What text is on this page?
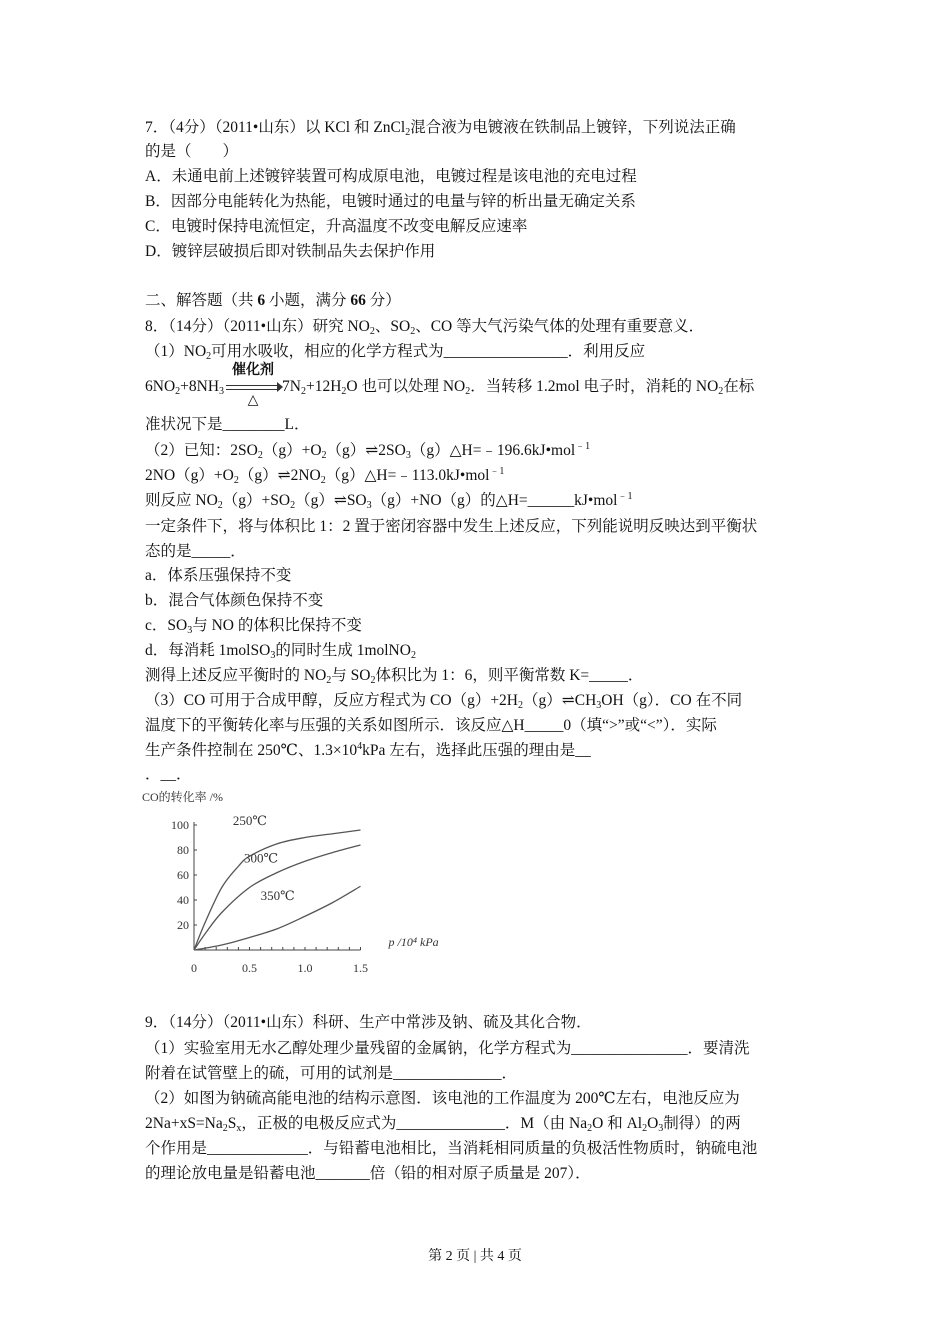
7．（4分）（2011•山东）以 KCl 和 ZnCl$_2$混合液为电镀液在铁制品上镀锌，下列说法正确
的是（　　）
A．未通电前上述镀锌装置可构成原电池，电镀过程是该电池的充电过程
B．因部分电能转化为热能，电镀时通过的电量与锌的析出量无确定关系
C．电镀时保持电流恒定，升高温度不改变电解反应速率
D．镀锌层破损后即对铁制品失去保护作用
二、解答题（共 6 小题，满分 66 分）
8．（14分）（2011•山东）研究 $NO_2$、$SO_2$、CO 等大气污染气体的处理有重要意义．
$(1)NO_2$可用水吸收，相应的化学方程式为________________．利用反应
$6NO_2+8NH_3$
催化剂
△
$7N_2+12H_2O$ 也可以处理 $NO_2$．当转移 1.2mol 电子时，消耗的 $NO_2$在标
准状况下是________L．
（2）已知：$2SO_2(g)+O_2(g)\rightleftharpoons 2SO_3(g)\triangle H=﹣196.6kJ•mol^{﹣1}$
$2NO(g)+O_2(g)\rightleftharpoons 2NO_2(g)\triangle H=﹣113.0kJ•mol^{﹣1}$
则反应 $NO_2(g)+SO_2(g)\rightleftharpoons SO_3(g)+NO(g)$的△H=______kJ•mol$^{﹣1}$
一定条件下，将与体积比 1：2 置于密闭容器中发生上述反应，下列能说明反映达到平衡状
态的是_____．
a．体系压强保持不变
b．混合气体颜色保持不变
c．$SO_3$与 NO 的体积比保持不变
d．每消耗 1molSO$_3$的同时生成 1molNO$_2$
测得上述反应平衡时的 $NO_2$与 $SO_2$体积比为 1：6，则平衡常数 K=_____．
（3）CO 可用于合成甲醇，反应方程式为 $CO(g)+2H_2(g)\rightleftharpoons CH_3OH(g)$．CO 在不同
温度下的平衡转化率与压强的关系如图所示．该反应△H_____0（填“>”或“<”）．实际
生产条件控制在 250℃、$1.3\times 10^4kPa$ 左右，选择此压强的理由是__
．__．
9．（14分）（2011•山东）科研、生产中常涉及钠、硫及其化合物．
（1）实验室用无水乙醇处理少量残留的金属钠，化学方程式为_______________．要清洗
附着在试管壁上的硫，可用的试剂是______________．
（2）如图为钠硫高能电池的结构示意图．该电池的工作温度为 200℃左右，电池反应为
$2Na+xS=Na_2S_x$，正极的电极反应式为______________．M（由 $Na_2O$ 和 $Al_2O_3$制得）的两
个作用是_____________．与铅蓄电池相比，当消耗相同质量的负极活性物质时，钠硫电池
的理论放电量是铅蓄电池_______倍（铅的相对原子质量是 207）．
CO的转化率 /%
20
40
60
80
100
0	0.5	1.0	1.5
p /10⁴ kPa
250℃
300℃
350℃
第 2 页 | 共 4 页
